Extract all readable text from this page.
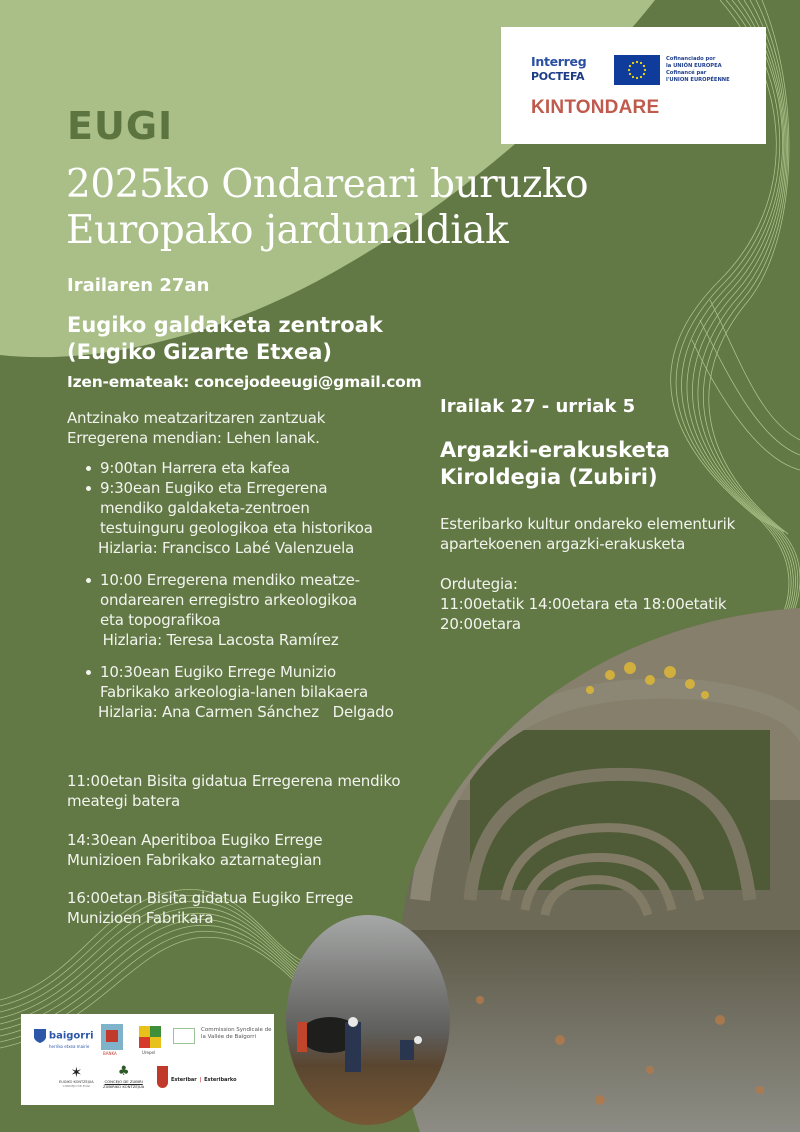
Interreg
POCTEFA
Cofinanciado por
la UNIÓN EUROPEA
Cofinancé par
l'UNION EUROPÉENNE
KINTONDARE
EUGI
2025ko Ondareari buruzko
Europako jardunaldiak
Irailaren 27an
Eugiko galdaketa zentroak
(Eugiko Gizarte Etxea)
Izen-emateak: concejodeeugi@gmail.com
Antzinako meatzaritzaren zantzuak
Erregerena mendian: Lehen lanak.
9:00tan Harrera eta kafea
9:30ean Eugiko eta Erregerena
mendiko galdaketa-zentroen
testuinguru geologikoa eta historikoa
Hizlaria: Francisco Labé Valenzuela
10:00 Erregerena mendiko meatze-
ondarearen erregistro arkeologikoa
eta topografikoa
Hizlaria: Teresa Lacosta Ramírez
10:30ean Eugiko Errege Munizio
Fabrikako arkeologia-lanen bilakaera
Hizlaria: Ana Carmen Sánchez   Delgado
11:00etan Bisita gidatua Erregerena mendiko
meategi batera
14:30ean Aperitiboa Eugiko Errege
Munizioen Fabrikako aztarnategian
16:00etan Bisita gidatua Eugiko Errege
Munizioen Fabrikara
Irailak 27 - urriak 5
Argazki-erakusketa
Kiroldegia (Zubiri)
Esteribarko kultur ondareko elementurik
apartekoenen argazki-erakusketa
Ordutegia:
11:00etatik 14:00etara eta 18:00etatik
20:00etara
baigorri
herriko etxea mairie
BANKA	Urepel
Commission Syndicale de
la Vallée de Baïgorri
✶
EUGIKO KONTZEJUA
CONCEJO DE EUGI
♣
CONCEJO DE ZUBIRI
ZUBIRIKO KONTZEJUA
Esteribar | Esteribarko
